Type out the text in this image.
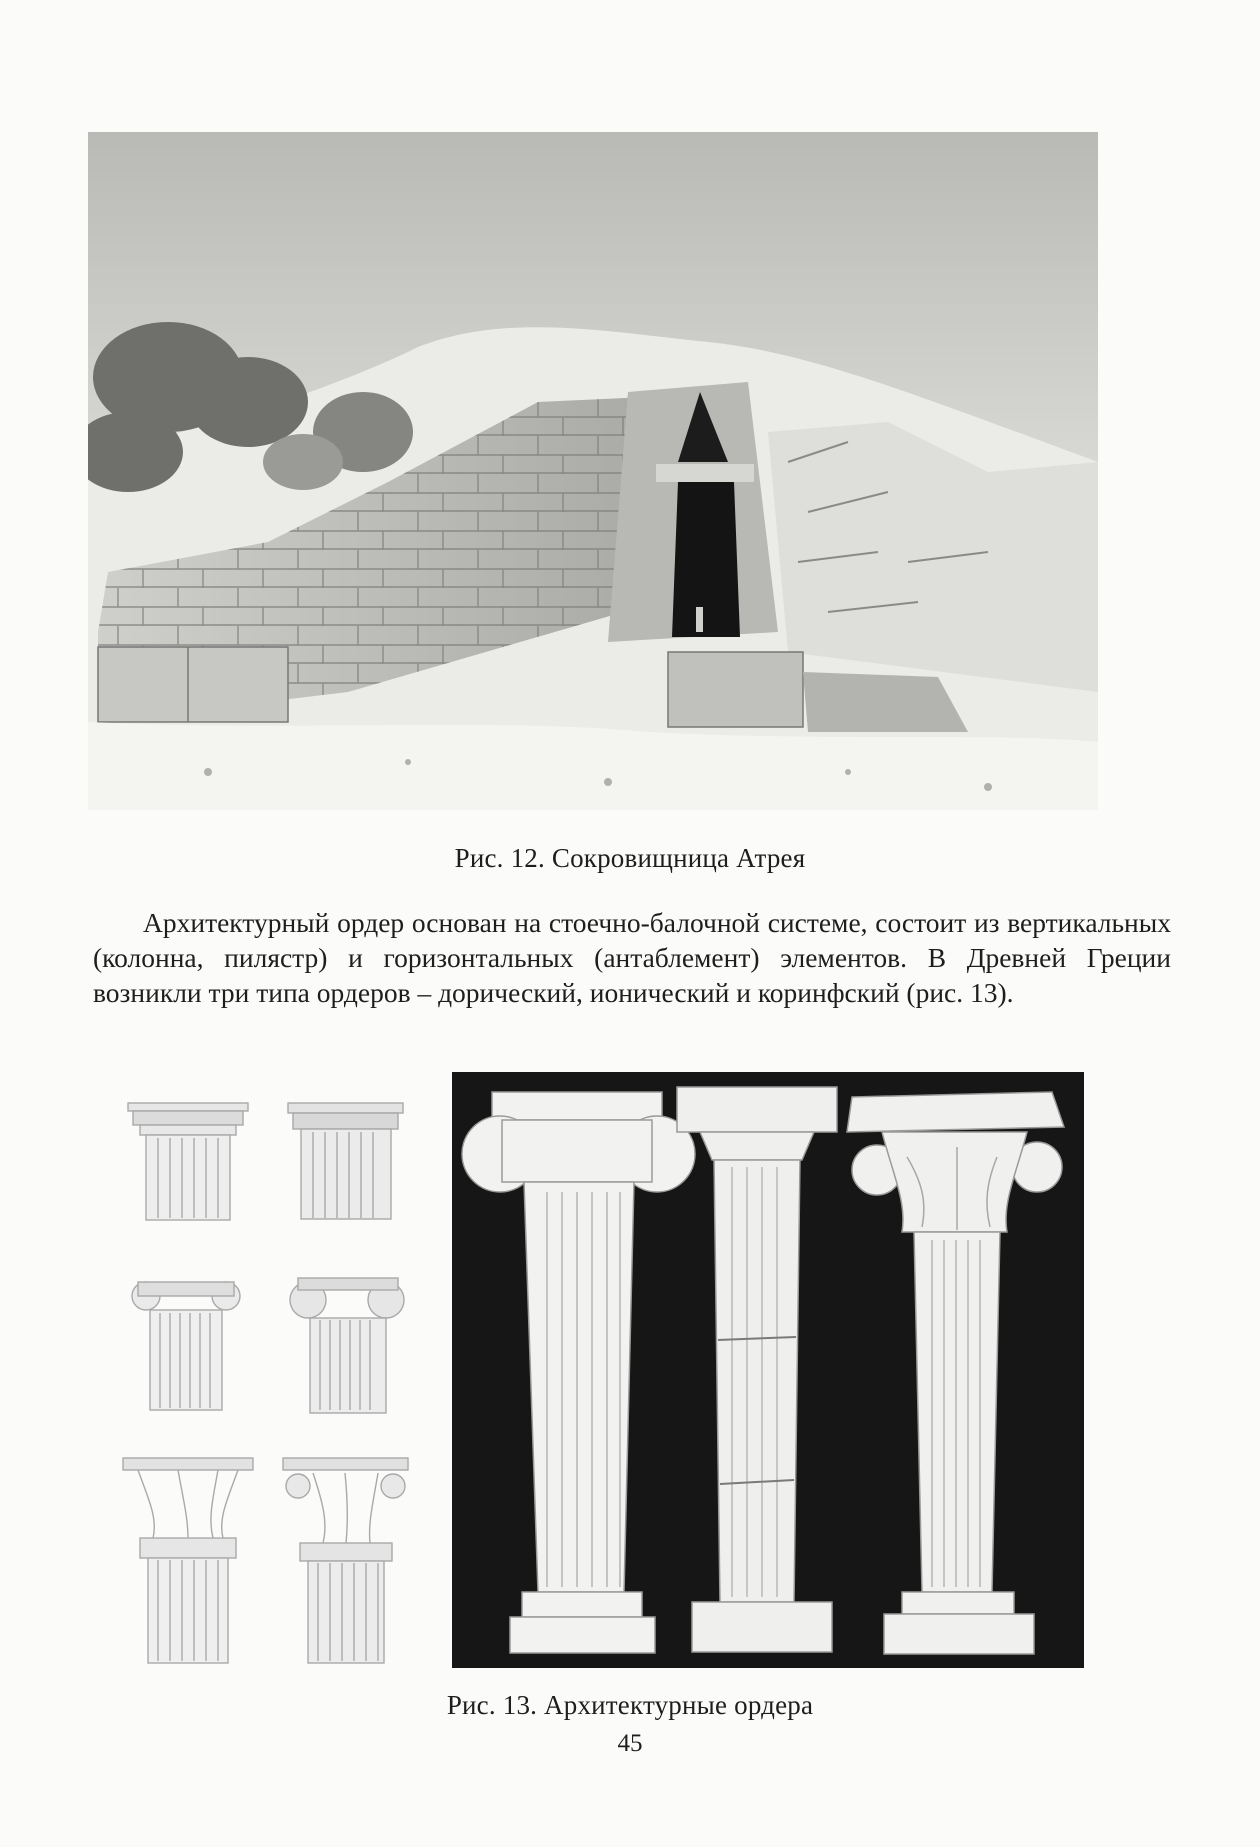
Рис. 12. Сокровищница Атрея

Архитектурный ордер основан на стоечно-балочной системе, состоит из вертикальных (колонна, пилястр) и горизонтальных (антаблемент) элементов. В Древней Греции возникли три типа ордеров – дорический, ионический и коринфский (рис. 13).

Рис. 13. Архитектурные ордера
45
